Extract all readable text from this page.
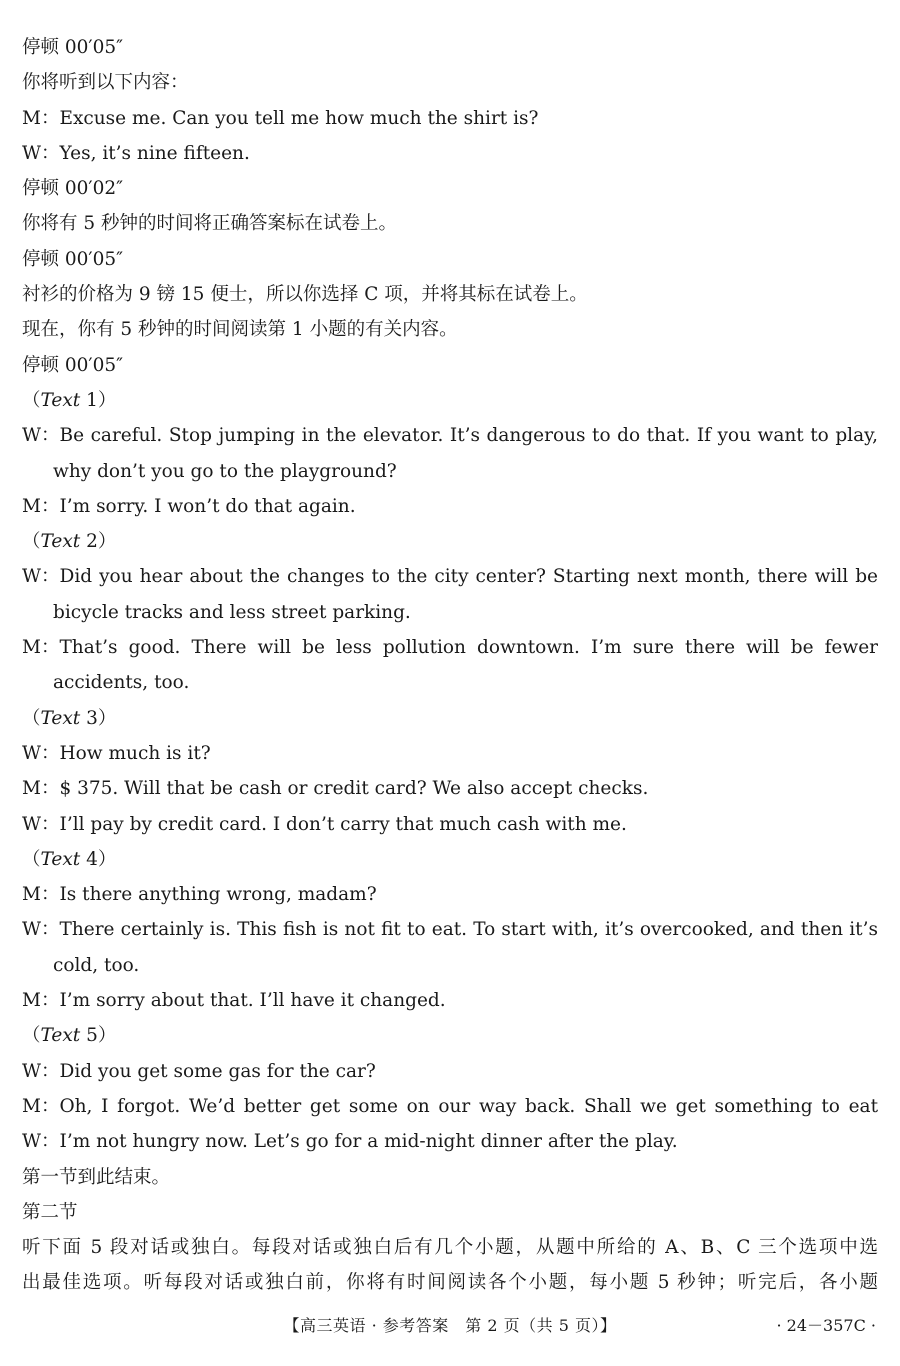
停顿 00′05″
你将听到以下内容：
M：Excuse me. Can you tell me how much the shirt is?
W：Yes, it’s nine fifteen.
停顿 00′02″
你将有 5 秒钟的时间将正确答案标在试卷上。
停顿 00′05″
衬衫的价格为 9 镑 15 便士，所以你选择 C 项，并将其标在试卷上。
现在，你有 5 秒钟的时间阅读第 1 小题的有关内容。
停顿 00′05″
（Text 1）
W：Be careful. Stop jumping in the elevator. It’s dangerous to do that. If you want to play,
why don’t you go to the playground?
M：I’m sorry. I won’t do that again.
（Text 2）
W：Did you hear about the changes to the city center? Starting next month, there will be
bicycle tracks and less street parking.
M：That’s good. There will be less pollution downtown. I’m sure there will be fewer
accidents, too.
（Text 3）
W：How much is it?
M：$ 375. Will that be cash or credit card? We also accept checks.
W：I’ll pay by credit card. I don’t carry that much cash with me.
（Text 4）
M：Is there anything wrong, madam?
W：There certainly is. This fish is not fit to eat. To start with, it’s overcooked, and then it’s
cold, too.
M：I’m sorry about that. I’ll have it changed.
（Text 5）
W：Did you get some gas for the car?
M：Oh, I forgot. We’d better get some on our way back. Shall we get something to eat
W：I’m not hungry now. Let’s go for a mid-night dinner after the play.
第一节到此结束。
第二节
听下面 5 段对话或独白。每段对话或独白后有几个小题，从题中所给的 A、B、C 三个选项中选
出最佳选项。听每段对话或独白前，你将有时间阅读各个小题，每小题 5 秒钟；听完后，各小题
【高三英语 · 参考答案　第 2 页（共 5 页）】	· 24－357C ·
